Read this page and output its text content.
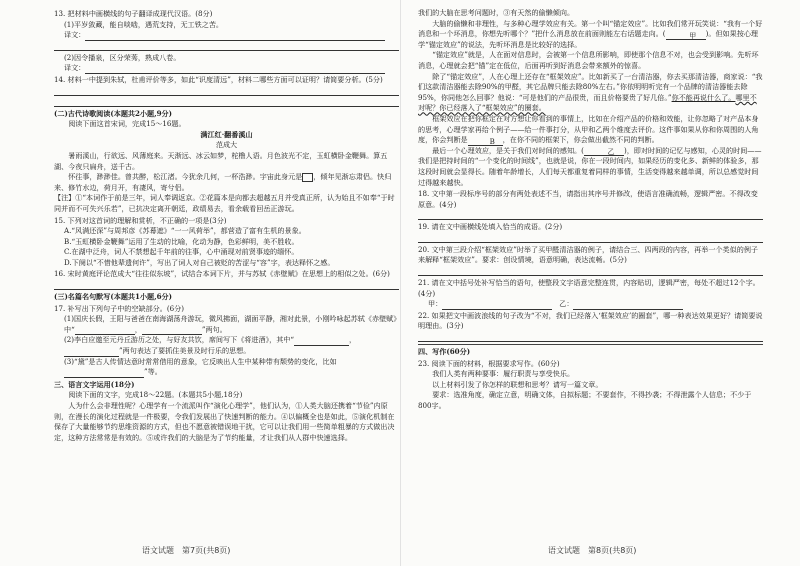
13. 把材料中画横线的句子翻译成现代汉语。(8分)

(1)平岁敛藏，能自啖啮，遇荒支持，无工铁之苦。

译文：

(2)因令播泉，区分荣莠，熟成八卷。

译文：

14. 材料一中提到朱轼，杜甫评价等多，如此“识度清远”，材料二哪些方面可以证明？请简要分析。(5分)

(二)古代诗歌阅读(本题共2小题,9分)

阅读下面这首宋词，完成15～16题。

满江红·翻番溪山

范成大

暑雨溪山，行欲远、风薄庭来。天渐远、冰云如梦，柁橹人语。月色波光不定，玉虹横卧金鞭舞。算五湖、今夜只扁舟，送千古。

怀往事，渺渺佳。曾共醉，松江渚。今犹余几何，一杯浩渺。宇宙此身元是 ，倾年见渐忘肃侣。快归来、修竹水边，荷月开，有凄风，寄兮侣。

【注】①“本词作于前是三年，词人奉调返京。②花篇本是向都去超越五月并受真正所，认为始且不如奉“于时同并而不可失兴乐若”，已抗决定离开朝廷，政绩易去，看余载看回岳正游玩。

15. 下列对这首词的理解和赏析，不正确的一项是(3分)

A.“风满还深”与周邦彦《苏幕遮》“一一风荷举”，都营造了富有生机的景象。

B.“玉虹横卧金鞭舞”运用了生动的比喻，化动为静，色彩鲜明，美不胜收。

C.在湖中泛舟，词人不禁想起千年前的往事，心中涌现对前贤事迹的缅怀。

D.下阕以“不惜他辈遗何许”，写出了词人对自己被贬的苦涩与“容”字，表达释怀之感。

16. 宋时黄庭评论范成大“往往似东坡”，试结合本词下片，并与苏轼《赤壁赋》在思想上的相似之处。(6分)

(三)名篇名句默写(本题共1小题,6分)

17. 补写出下列句子中的空缺部分。(6分)

(1)国庆长假，王阳与爸爸在南海湖荡舟游玩，微风拂面，湖面平静，湘对此景，小刚吟咏起苏轼《赤壁赋》中“	，	”两句。

(2)李白应邀至元丹丘游历之处，与好友共饮，席间写下《将进酒》，其中“	，”两句表达了要抓住美景及时行乐的思想。

(3)“黛”是古人传情达意时常常借用的意象，它反映出人生中某种带有颓势的变化，比如”等。

三、语言文字运用(18分)

阅读下面的文字，完成18～22题。(本题共5小题,18分)

人为什么会非理性呢？心理学有一个流派叫作“演化心理学”，他们认为，①人类大脑还携着“节俭”内原则，在漫长的演化过程就是一件极要，令我们发展出了快速判断的能力。④以偏概全也是如此，⑤演化机制在保存了大量能够节约思维资源的方式，但也不愿意被错误地干扰，它可以让我们用一些简单粗暴的方式做出决定，这种方法常常是有效的。⑤或许我们的大脑是为了节约能量，才让我们从人群中快速选择。

语文试题　第7页(共8页)

我们的大脑在思考问题时，③有天然的偷懒倾向。

大脑的偷懒和非理性，与多种心理学效应有关。第一个叫“锚定效应”。比如我们常开玩笑说：“我有一个好消息和一个坏消息，你想先听哪个？”把什么消息放在前面则能左右话题走向。(	甲 )。但如果按心理学“锚定效应”的说法，先听坏消息是比较好的选择。

“锚定效应”就是，人在面对信息时，会被第一个信息所影响，即使那个信息不对，也会受到影响。先听坏消息，心理就会把“锚”定在低位，后面再听到好消息会带来额外的惊喜。

除了“锚定效应”，人在心理上还存在“框架效应”。比如新买了一台清洁器，你去买那清洁器，商家说：“我们这款清洁器能去除90%的甲醛，其它品牌只能去除80%左右。”你依明明听完有一个品牌的清洁器能去除95%，你同他怎么回事？他说：“可是他们的产品很贵，而且价格要贵了好几倍。”你不能再说什么了。哪里不对呢？你已经落入了“框架效应”的圈套。

框架效应在把你框定在对方想让你看到的事情上，比如在介绍产品的价格和效能，让你忽略了对产品本身的思考，心理学家再给个例子——给一件事打分，从甲和乙两个维度去评价。这件事如果从你和你周围的人角度，你会判断是	B ，在你不同的框架下，你会做出截然不同的判断。

最后一个心理效应，是关于我们对时间的感知。(	乙 )，即对时间的记忆与感知，心灵的时间——我们是把持时间的“一个变化的时间线”，也就是说，你在一段时间内，如果经历的变化多、新鲜的体验多，那这段时间就会显得长。随着年龄增长，人们每天都重复着同样的事情，生活变得越来越单调，所以总感觉时间过得越来越快。

18. 文中第一段标序号的部分有两处表述不当，请指出其序号并修改，使语言准确流畅，逻辑严密。不得改变原意。(4分)

19. 请在文中画横线处填入恰当的成语。(2分)

20. 文中第三段介绍“框架效应”时举了买甲醛清洁器的例子，请结合三、四两段的内容，再举一个类似的例子来解释“框架效应”。要求：创设情境，语意明确，表达流畅。(5分)

21. 请在文中括号处补写恰当的语句，使整段文字语意完整连贯，内容贴切，逻辑严密，每处不超过12个字。(4分)

甲：　	乙：

22. 如果把文中画波浪线的句子改为“不对，我们已经落入‘框架效应’的圈套”，哪一种表达效果更好？请简要说明理由。(3分)

四、写作(60分)

23. 阅读下面的材料，根据要求写作。(60分)

我们人类有两种要事：履行职责与享受快乐。

以上材料引发了你怎样的联想和思考？请写一篇文章。

要求：选准角度，确定立意，明确文体，自拟标题；不要套作，不得抄袭；不得泄露个人信息；不少于800字。

语文试题　第8页(共8页)
